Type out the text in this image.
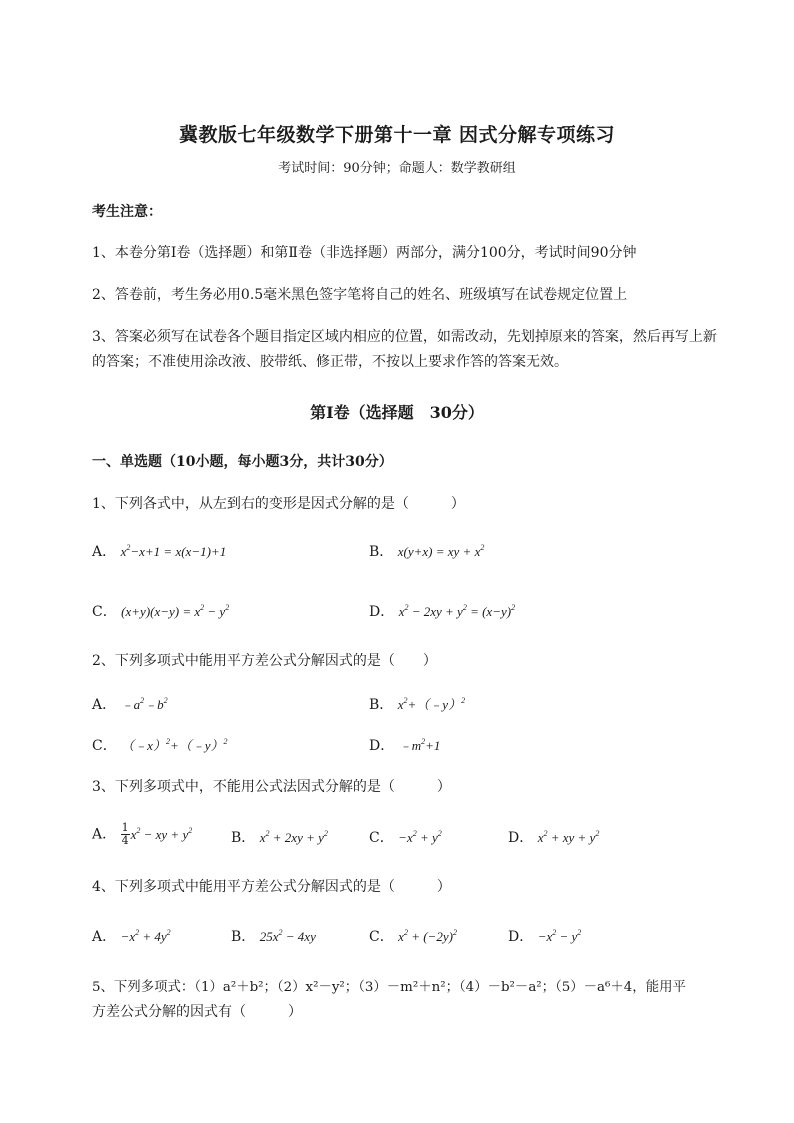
冀教版七年级数学下册第十一章 因式分解专项练习
考试时间：90分钟；命题人：数学教研组
考生注意：
1、本卷分第I卷（选择题）和第Ⅱ卷（非选择题）两部分，满分100分，考试时间90分钟
2、答卷前，考生务必用0.5毫米黑色签字笔将自己的姓名、班级填写在试卷规定位置上
3、答案必须写在试卷各个题目指定区域内相应的位置，如需改动，先划掉原来的答案，然后再写上新
的答案；不准使用涂改液、胶带纸、修正带，不按以上要求作答的答案无效。
第I卷（选择题　30分）
一、单选题（10小题，每小题3分，共计30分）
1、下列各式中，从左到右的变形是因式分解的是（　　　）
A． $x^2-x+1 = x(x-1)+1$	B． x(y+x) = xy + $x^2$
C． $(x+y)(x-y) = x^2 - y^2$	D． $x^2 - 2xy + y^2 = (x-y)^2$
2、下列多项式中能用平方差公式分解因式的是（　　）
A． $﹣a^2﹣b^2$	B． $x^2+(﹣y)^2$
C． （﹣x）$^2$+（﹣y）$^2$	D． $﹣m^2+1$
3、下列多项式中，不能用公式法因式分解的是（　　　）
A． $\frac{1}{4} x^2$ − xy + $y^2$	B． $x^2 + 2xy + y^2$	C． $-x^2 + y^2$	D． $x^2$ + xy + $y^2$
4、下列多项式中能用平方差公式分解因式的是（　　　）
A． $-x^2 + 4y^2$	B． $25x^2 - 4xy$	C． $x^2 + (-2y)^2$	D． $-x^2 - y^2$
5、下列多项式：（1）a²＋b²；（2）x²－y²；（3）－m²＋n²；（4）－b²－a²；（5）－a⁶＋4，能用平
方差公式分解的因式有（　　　）
